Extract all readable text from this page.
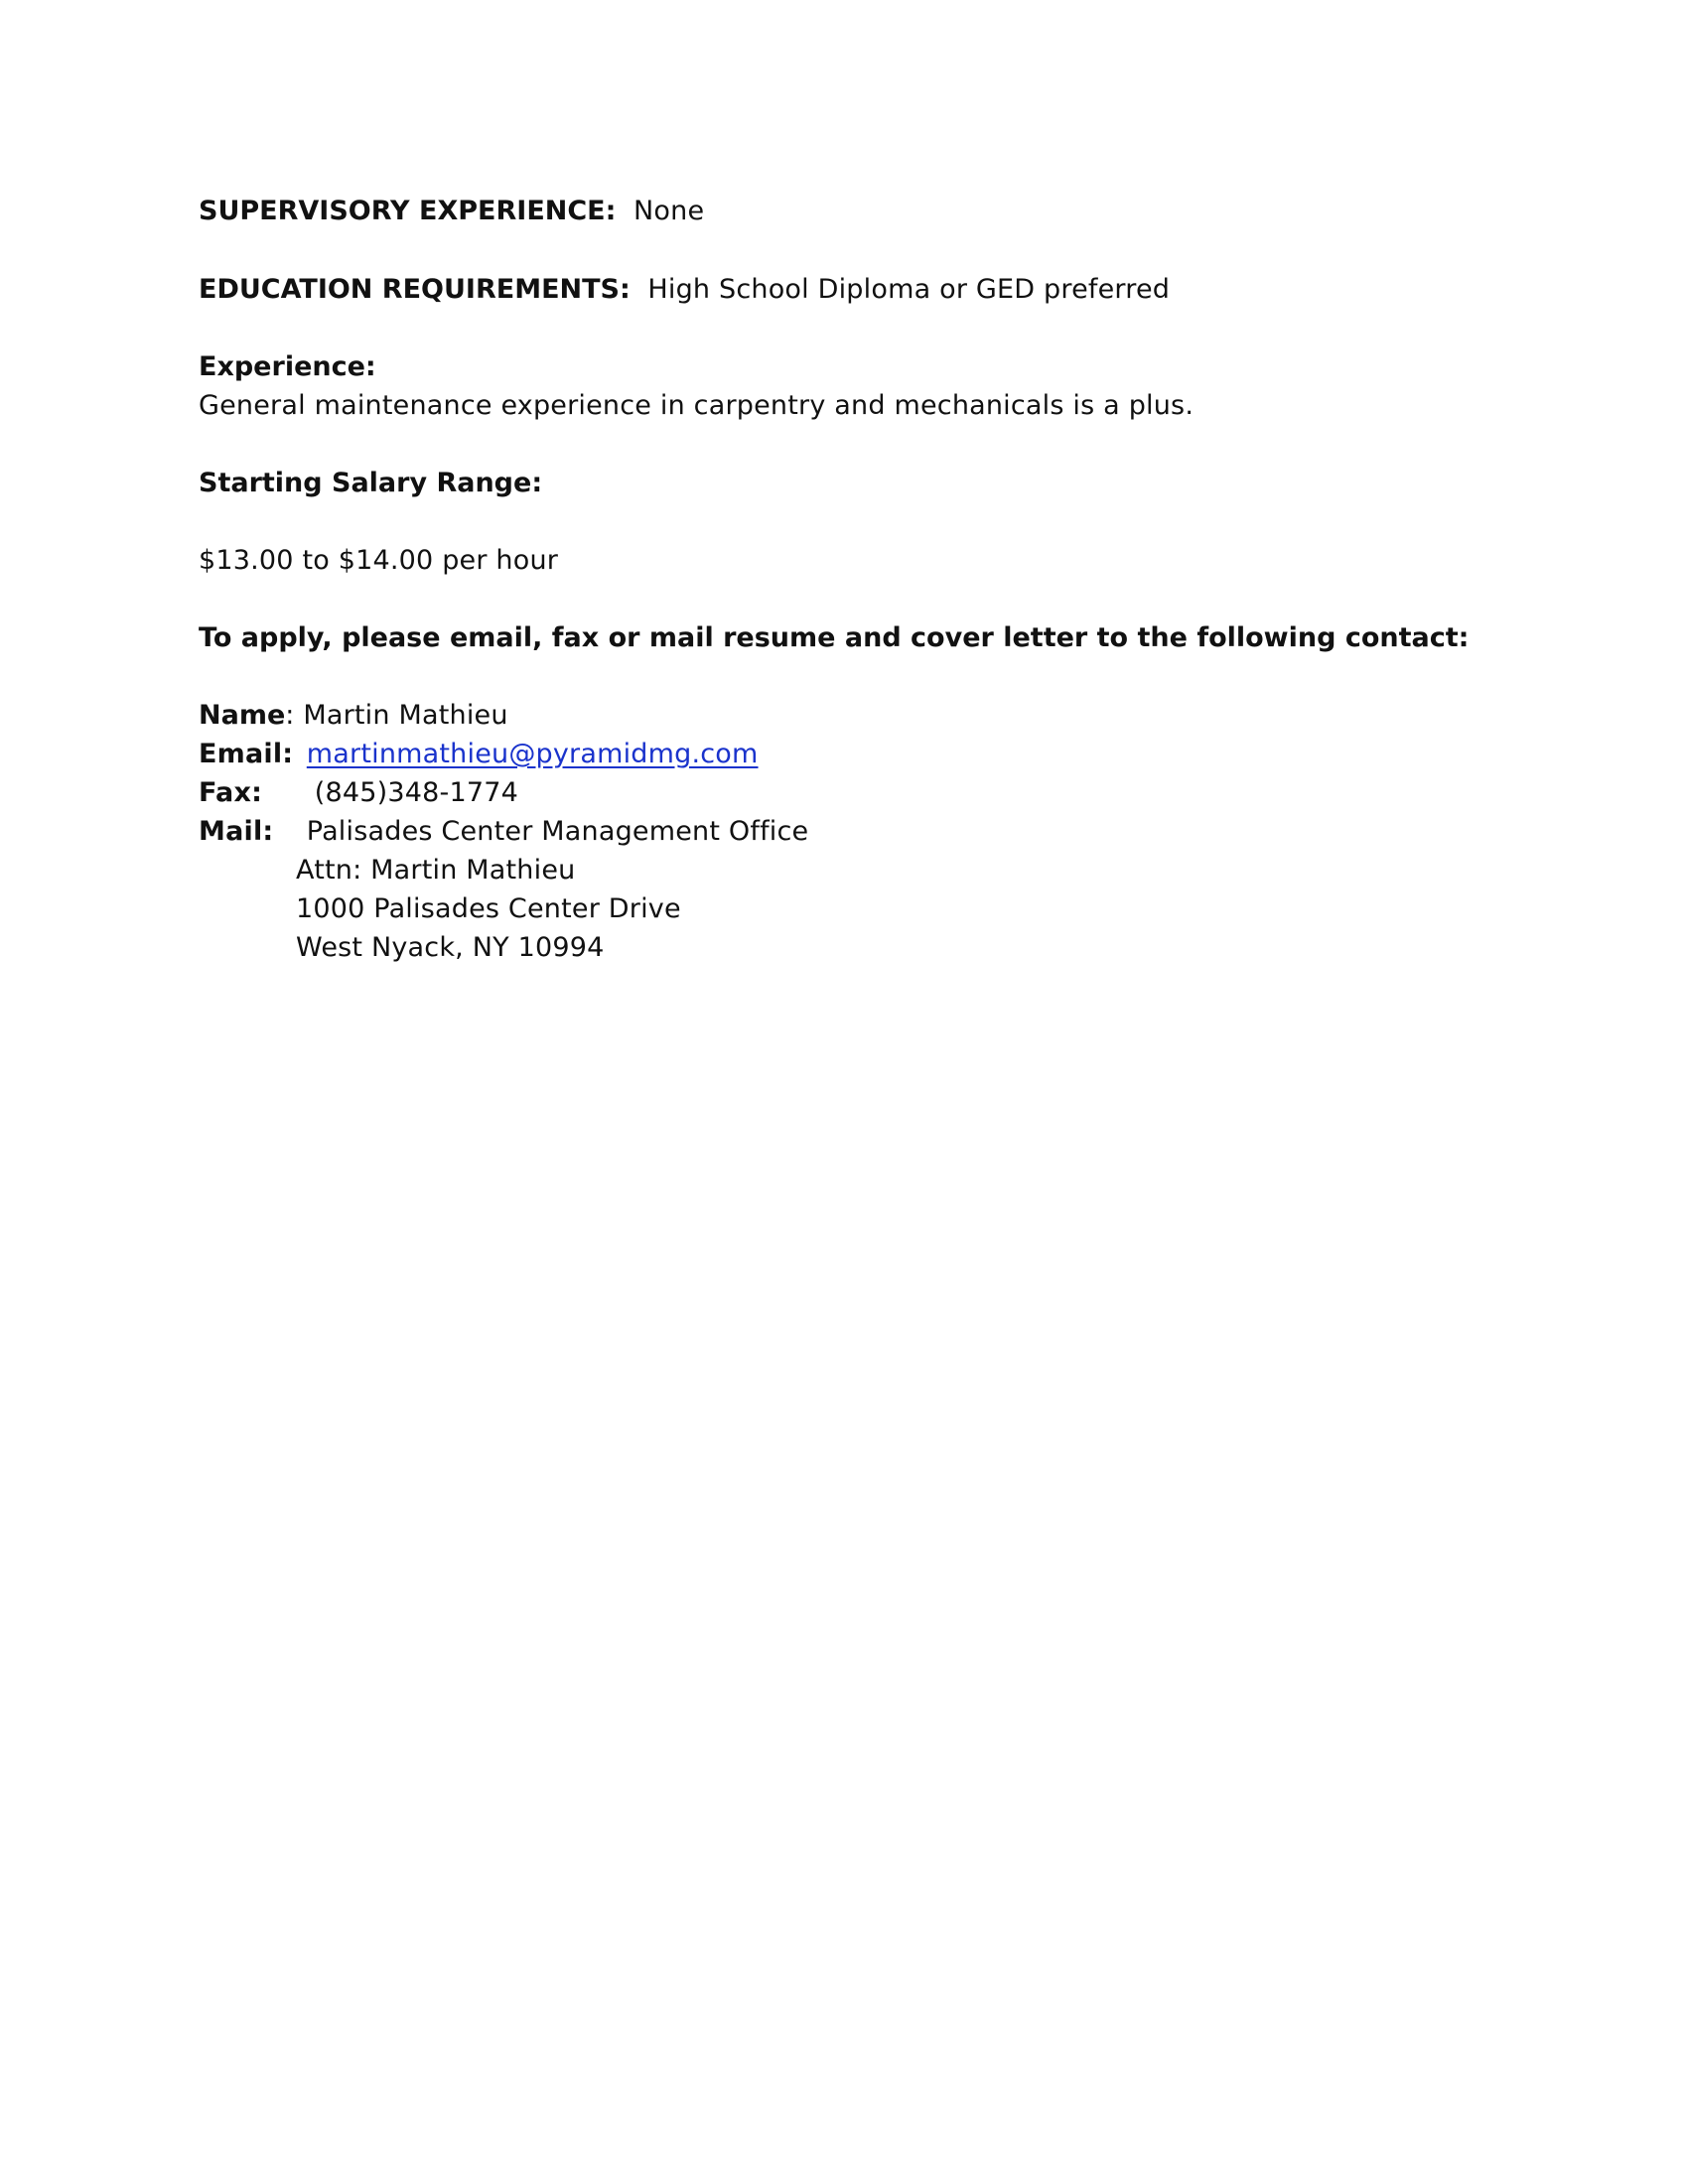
SUPERVISORY EXPERIENCE: None
EDUCATION REQUIREMENTS: High School Diploma or GED preferred
Experience:
General maintenance experience in carpentry and mechanicals is a plus.
Starting Salary Range:
$13.00 to $14.00 per hour
To apply, please email, fax or mail resume and cover letter to the following contact:
Name: Martin Mathieu
Email: martinmathieu@pyramidmg.com
Fax: (845)348-1774
Mail: Palisades Center Management Office
Attn: Martin Mathieu
1000 Palisades Center Drive
West Nyack, NY 10994
